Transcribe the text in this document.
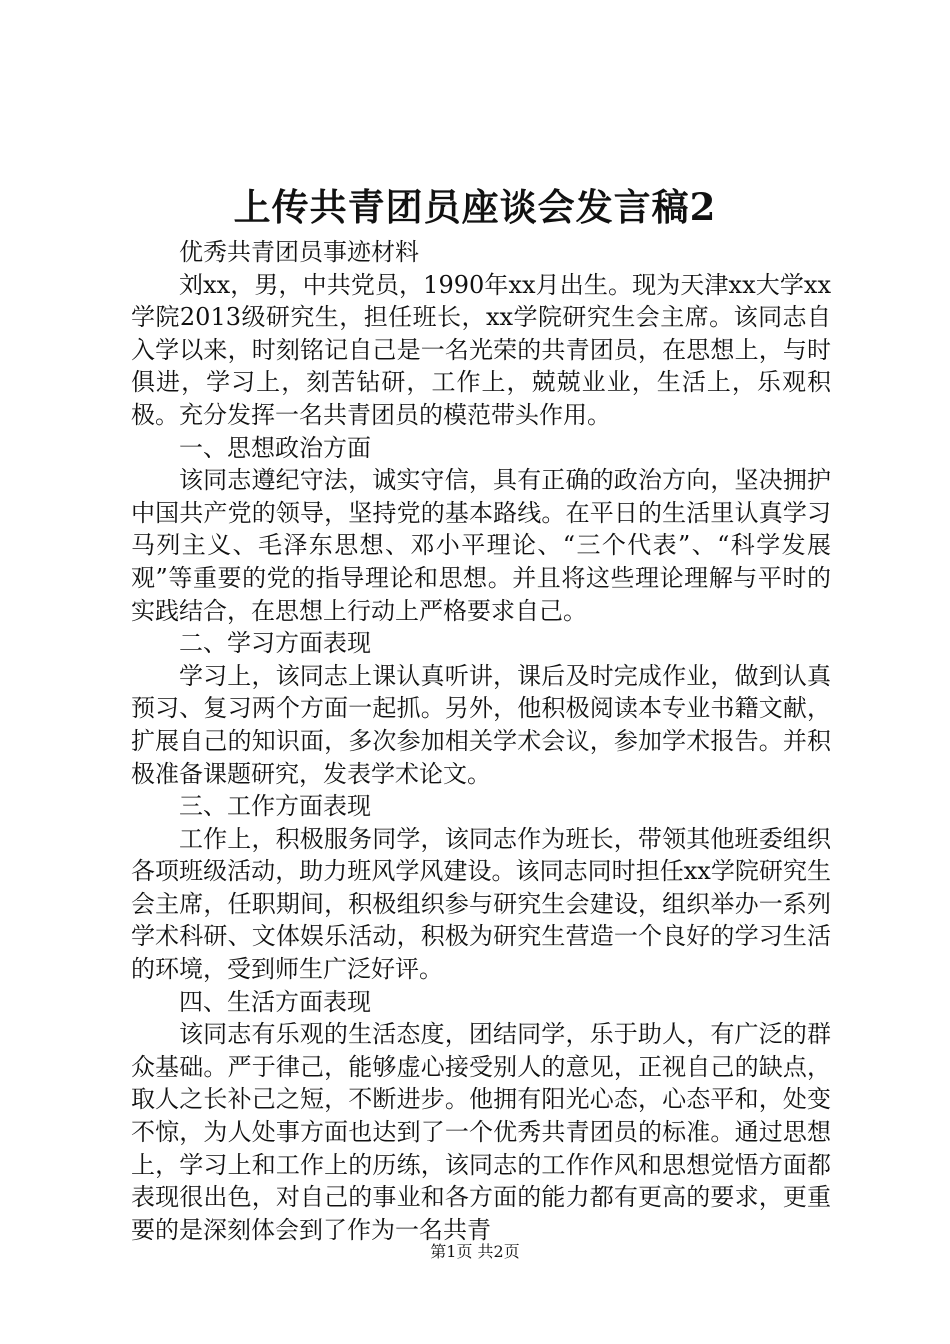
上传共青团员座谈会发言稿2

优秀共青团员事迹材料

刘xx，男，中共党员，1990年xx月出生。现为天津xx大学xx学院2013级研究生，担任班长，xx学院研究生会主席。该同志自入学以来，时刻铭记自己是一名光荣的共青团员，在思想上，与时俱进，学习上，刻苦钻研，工作上，兢兢业业，生活上，乐观积极。充分发挥一名共青团员的模范带头作用。

一、思想政治方面

该同志遵纪守法，诚实守信，具有正确的政治方向，坚决拥护中国共产党的领导，坚持党的基本路线。在平日的生活里认真学习马列主义、毛泽东思想、邓小平理论、“三个代表”、“科学发展观”等重要的党的指导理论和思想。并且将这些理论理解与平时的实践结合，在思想上行动上严格要求自己。

二、学习方面表现

学习上，该同志上课认真听讲，课后及时完成作业，做到认真预习、复习两个方面一起抓。另外，他积极阅读本专业书籍文献，扩展自己的知识面，多次参加相关学术会议，参加学术报告。并积极准备课题研究，发表学术论文。

三、工作方面表现

工作上，积极服务同学，该同志作为班长，带领其他班委组织各项班级活动，助力班风学风建设。该同志同时担任xx学院研究生会主席，任职期间，积极组织参与研究生会建设，组织举办一系列学术科研、文体娱乐活动，积极为研究生营造一个良好的学习生活的环境，受到师生广泛好评。

四、生活方面表现

该同志有乐观的生活态度，团结同学，乐于助人，有广泛的群众基础。严于律己，能够虚心接受别人的意见，正视自己的缺点，取人之长补己之短，不断进步。他拥有阳光心态，心态平和，处变不惊，为人处事方面也达到了一个优秀共青团员的标准。通过思想上，学习上和工作上的历练，该同志的工作作风和思想觉悟方面都表现很出色，对自己的事业和各方面的能力都有更高的要求，更重要的是深刻体会到了作为一名共青

第1页 共2页
